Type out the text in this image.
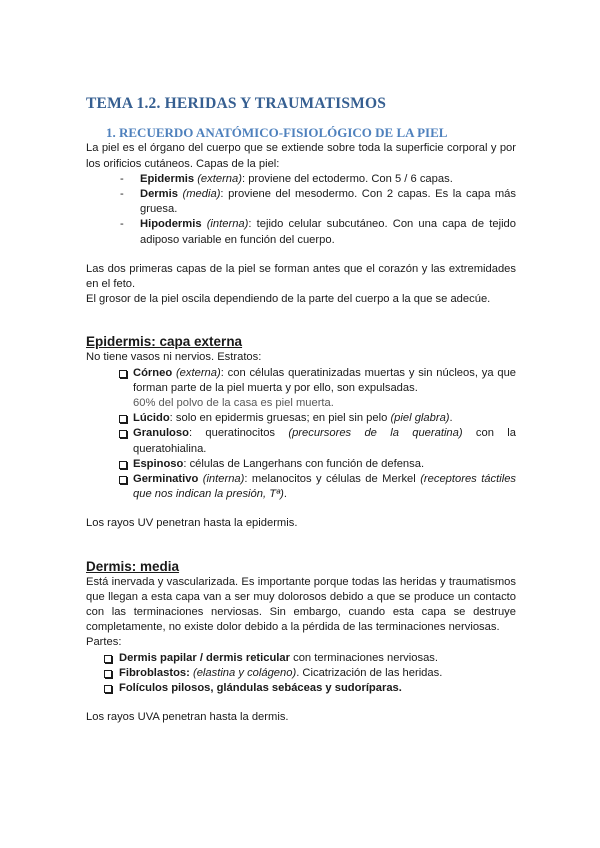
TEMA 1.2. HERIDAS Y TRAUMATISMOS
1. RECUERDO ANATÓMICO-FISIOLÓGICO DE LA PIEL

La piel es el órgano del cuerpo que se extiende sobre toda la superficie corporal y por los orificios cutáneos. Capas de la piel:

- Epidermis (externa): proviene del ectodermo. Con 5 / 6 capas.
- Dermis (media): proviene del mesodermo. Con 2 capas. Es la capa más gruesa.
- Hipodermis (interna): tejido celular subcutáneo. Con una capa de tejido adiposo variable en función del cuerpo.

Las dos primeras capas de la piel se forman antes que el corazón y las extremidades en el feto.

El grosor de la piel oscila dependiendo de la parte del cuerpo a la que se adecúe.

Epidermis: capa externa

No tiene vasos ni nervios. Estratos:

Córneo (externa): con células queratinizadas muertas y sin núcleos, ya que forman parte de la piel muerta y por ello, son expulsadas.
60% del polvo de la casa es piel muerta.
Lúcido: solo en epidermis gruesas; en piel sin pelo (piel glabra).
Granuloso: queratinocitos (precursores de la queratina) con la queratohialina.
Espinoso: células de Langerhans con función de defensa.
Germinativo (interna): melanocitos y células de Merkel (receptores táctiles que nos indican la presión, Tª).

Los rayos UV penetran hasta la epidermis.

Dermis: media

Está inervada y vascularizada. Es importante porque todas las heridas y traumatismos que llegan a esta capa van a ser muy dolorosos debido a que se produce un contacto con las terminaciones nerviosas. Sin embargo, cuando esta capa se destruye completamente, no existe dolor debido a la pérdida de las terminaciones nerviosas.

Partes:

Dermis papilar / dermis reticular con terminaciones nerviosas.
Fibroblastos: (elastina y colágeno). Cicatrización de las heridas.
Folículos pilosos, glándulas sebáceas y sudoríparas.

Los rayos UVA penetran hasta la dermis.
